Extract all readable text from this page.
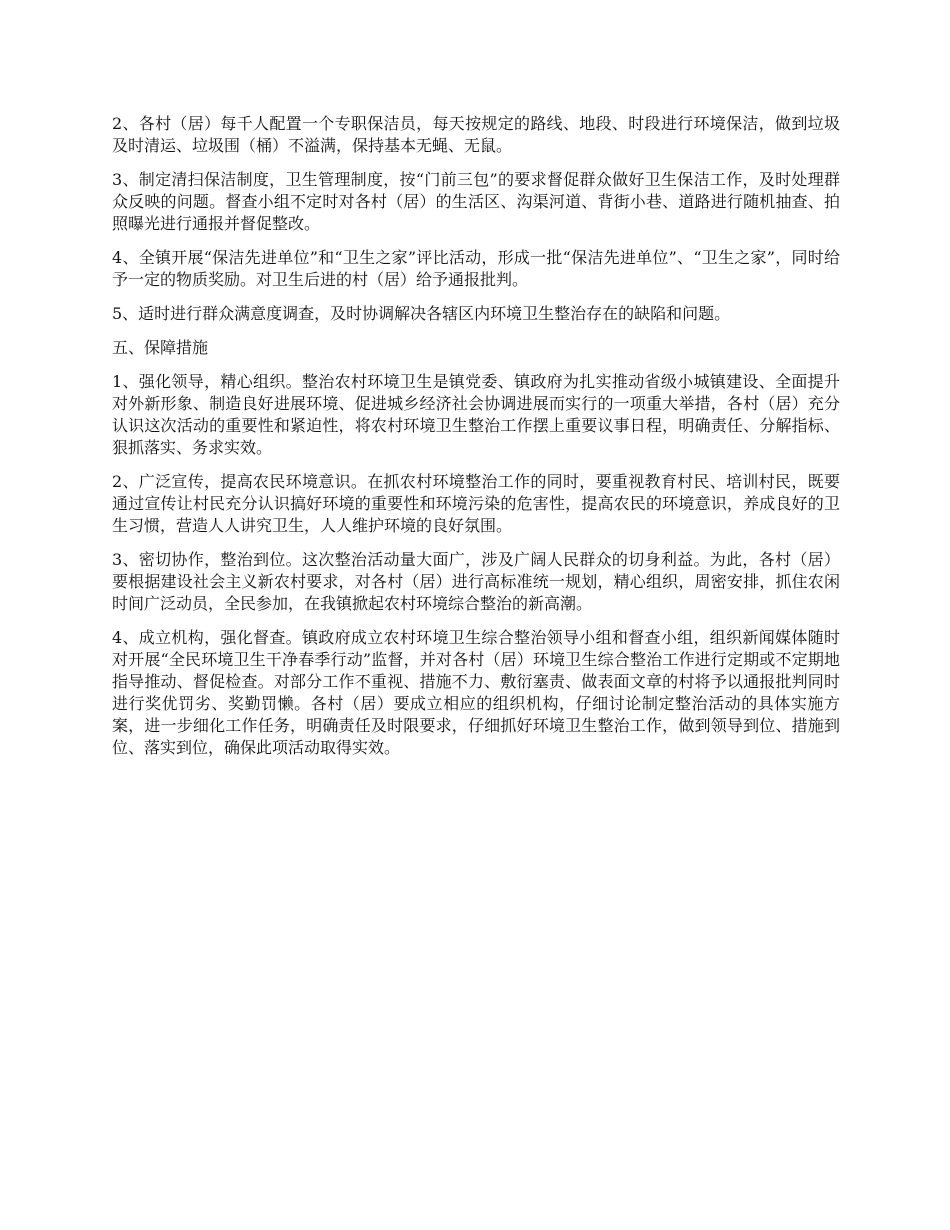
2、各村（居）每千人配置一个专职保洁员，每天按规定的路线、地段、时段进行环境保洁，做到垃圾及时清运、垃圾围（桶）不溢满，保持基本无蝇、无鼠。

3、制定清扫保洁制度，卫生管理制度，按“门前三包”的要求督促群众做好卫生保洁工作，及时处理群众反映的问题。督查小组不定时对各村（居）的生活区、沟渠河道、背街小巷、道路进行随机抽查、拍照曝光进行通报并督促整改。

4、全镇开展“保洁先进单位”和“卫生之家”评比活动，形成一批“保洁先进单位”、“卫生之家”，同时给予一定的物质奖励。对卫生后进的村（居）给予通报批判。

5、适时进行群众满意度调查，及时协调解决各辖区内环境卫生整治存在的缺陷和问题。

五、保障措施

1、强化领导，精心组织。整治农村环境卫生是镇党委、镇政府为扎实推动省级小城镇建设、全面提升对外新形象、制造良好进展环境、促进城乡经济社会协调进展而实行的一项重大举措，各村（居）充分认识这次活动的重要性和紧迫性，将农村环境卫生整治工作摆上重要议事日程，明确责任、分解指标、狠抓落实、务求实效。

2、广泛宣传，提高农民环境意识。在抓农村环境整治工作的同时，要重视教育村民、培训村民，既要通过宣传让村民充分认识搞好环境的重要性和环境污染的危害性，提高农民的环境意识，养成良好的卫生习惯，营造人人讲究卫生，人人维护环境的良好氛围。

3、密切协作，整治到位。这次整治活动量大面广，涉及广阔人民群众的切身利益。为此，各村（居）要根据建设社会主义新农村要求，对各村（居）进行高标准统一规划，精心组织，周密安排，抓住农闲时间广泛动员，全民参加，在我镇掀起农村环境综合整治的新高潮。

4、成立机构，强化督查。镇政府成立农村环境卫生综合整治领导小组和督查小组，组织新闻媒体随时对开展“全民环境卫生干净春季行动”监督，并对各村（居）环境卫生综合整治工作进行定期或不定期地指导推动、督促检查。对部分工作不重视、措施不力、敷衍塞责、做表面文章的村将予以通报批判同时进行奖优罚劣、奖勤罚懒。各村（居）要成立相应的组织机构，仔细讨论制定整治活动的具体实施方案，进一步细化工作任务，明确责任及时限要求，仔细抓好环境卫生整治工作，做到领导到位、措施到位、落实到位，确保此项活动取得实效。
